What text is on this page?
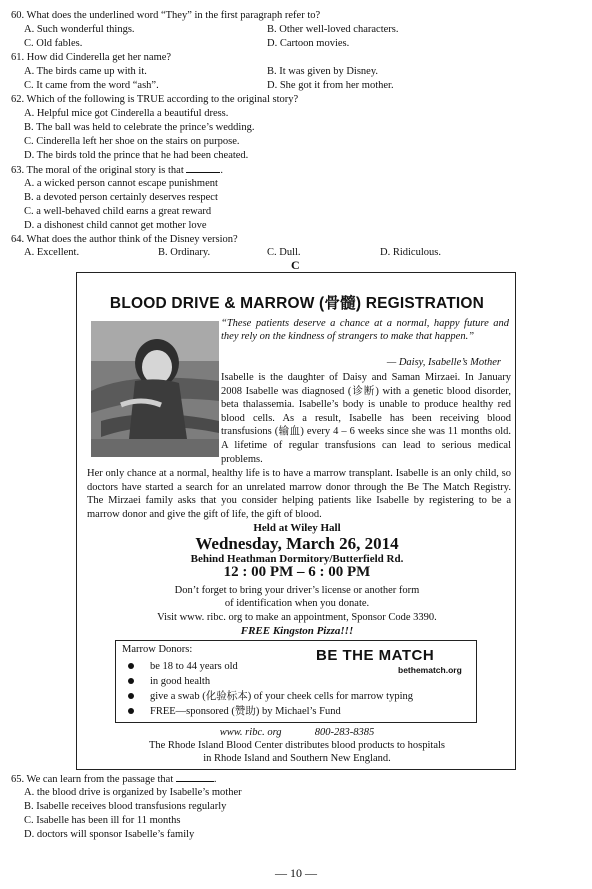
60. What does the underlined word “They” in the first paragraph refer to?
A. Such wonderful things.	B. Other well-loved characters.
C. Old fables.	D. Cartoon movies.
61. How did Cinderella get her name?
A. The birds came up with it.	B. It was given by Disney.
C. It came from the word “ash”.	D. She got it from her mother.
62. Which of the following is TRUE according to the original story?
A. Helpful mice got Cinderella a beautiful dress.
B. The ball was held to celebrate the prince’s wedding.
C. Cinderella left her shoe on the stairs on purpose.
D. The birds told the prince that he had been cheated.
63. The moral of the original story is that	.
A. a wicked person cannot escape punishment
B. a devoted person certainly deserves respect
C. a well-behaved child earns a great reward
D. a dishonest child cannot get mother love
64. What does the author think of the Disney version?
A. Excellent.	B. Ordinary.	C. Dull.	D. Ridiculous.
C
BLOOD DRIVE & MARROW (骨髓) REGISTRATION
“These patients deserve a chance at a normal, happy future and they rely on the kindness of strangers to make that happen.”
— Daisy, Isabelle’s Mother
Isabelle is the daughter of Daisy and Saman Mirzaei. In January 2008 Isabelle was diagnosed (诊断) with a genetic blood disorder, beta thalassemia. Isabelle’s body is unable to produce healthy red blood cells. As a result, Isabelle has been receiving blood transfusions (输血) every 4 – 6 weeks since she was 11 months old. A lifetime of regular transfusions can lead to serious medical problems.
Her only chance at a normal, healthy life is to have a marrow transplant. Isabelle is an only child, so doctors have started a search for an unrelated marrow donor through the Be The Match Registry. The Mirzaei family asks that you consider helping patients like Isabelle by registering to be a marrow donor and give the gift of life, the gift of blood.
Held at Wiley Hall
Wednesday, March 26, 2014
Behind Heathman Dormitory/Butterfield Rd.
12 : 00 PM – 6 : 00 PM
Don’t forget to bring your driver’s license or another form
of identification when you donate.
Visit www. ribc. org to make an appointment, Sponsor Code 3390.
FREE Kingston Pizza!!!
Marrow Donors:
be 18 to 44 years old
in good health
give a swab (化验标本) of your cheek cells for marrow typing
FREE—sponsored (赞助) by Michael’s Fund
BE THE MATCH
bethematch.org
www. ribc. org	800-283-8385
The Rhode Island Blood Center distributes blood products to hospitals
in Rhode Island and Southern New England.
65. We can learn from the passage that	.
A. the blood drive is organized by Isabelle’s mother
B. Isabelle receives blood transfusions regularly
C. Isabelle has been ill for 11 months
D. doctors will sponsor Isabelle’s family
— 10 —
